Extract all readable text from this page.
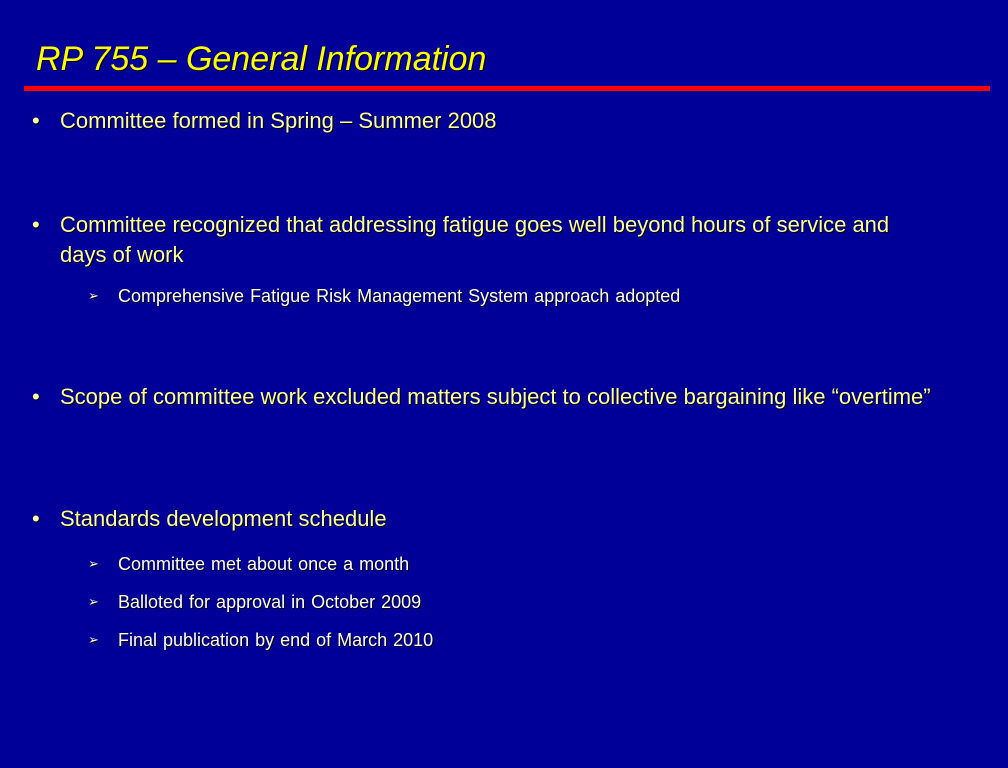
RP 755 – General Information
• Committee formed in Spring – Summer 2008
• Committee recognized that addressing fatigue goes well beyond hours of service and days of work
➢ Comprehensive Fatigue Risk Management System approach adopted
• Scope of committee work excluded matters subject to collective bargaining like “overtime”
• Standards development schedule
➢ Committee met about once a month
➢ Balloted for approval in October 2009
➢ Final publication by end of March 2010
